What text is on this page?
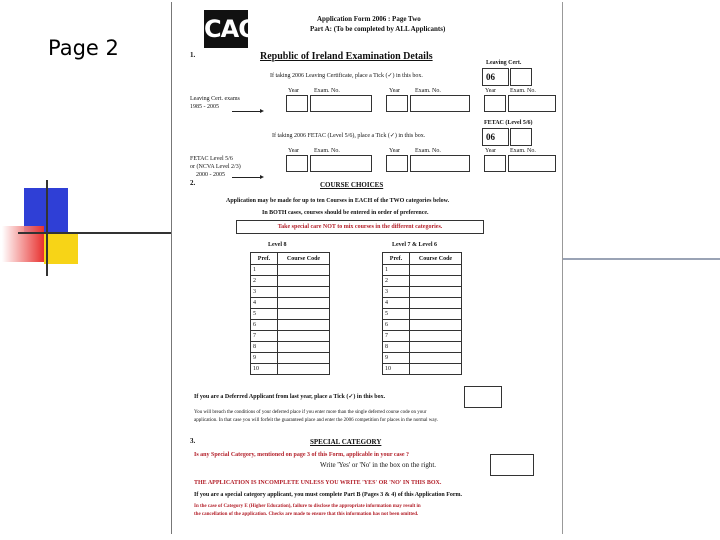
Page 2
CAO	Application Form 2006 : Page Two
Part A: (To be completed by ALL Applicants)
1.	Republic of Ireland Examination Details
Leaving Cert.
If taking 2006 Leaving Certificate, place a Tick (✓) in this box.	06
Year Exam. No.	Year Exam. No.	Year Exam. No.
Leaving Cert. exams
1985 - 2005
FETAC (Level 5/6)
If taking 2006 FETAC (Level 5/6), place a Tick (✓) in this box.	06
Year Exam. No.	Year Exam. No.	Year Exam. No.
FETAC Level 5/6
or (NCVA Level 2/3)
2000 - 2005
2.	COURSE CHOICES
Application may be made for up to ten Courses in EACH of the TWO categories below.
In BOTH cases, courses should be entered in order of preference.
Take special care NOT to mix courses in the different categories.
Level 8	Level 7 & Level 6
Pref.	Course Code
1	
2	
3	
4	
5	
6	
7	
8	
9	
10	
Pref.	Course Code
1	
2	
3	
4	
5	
6	
7	
8	
9	
10	
If you are a Deferred Applicant from last year, place a Tick (✓) in this box.
You will breach the conditions of your deferred place if you enter more than the single deferred course code on your
application. In that case you will forfeit the guaranteed place and enter the 2006 competition for places in the normal way.
3.	SPECIAL CATEGORY
Is any Special Category, mentioned on page 3 of this Form, applicable in your case ?
Write 'Yes' or 'No' in the box on the right.
THE APPLICATION IS INCOMPLETE UNLESS YOU WRITE 'YES' OR 'NO' IN THIS BOX.
If you are a special category applicant, you must complete Part B (Pages 3 & 4) of this Application Form.
In the case of Category E (Higher Education), failure to disclose the appropriate information may result in
the cancellation of the application. Checks are made to ensure that this information has not been omitted.
